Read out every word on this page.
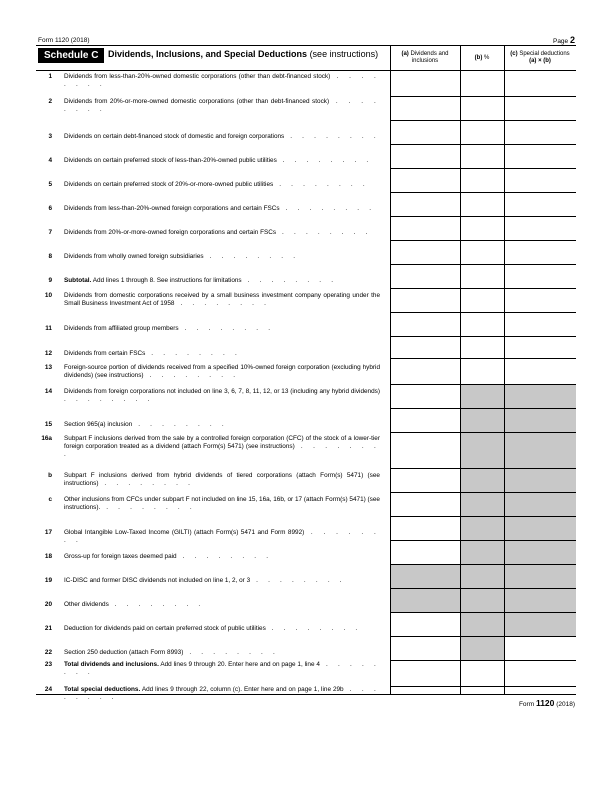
Form 1120 (2018)	Page 2
Schedule C	Dividends, Inclusions, and Special Deductions (see instructions)	(a) Dividends and inclusions	(b) %
(c) Special deductions
(a) × (b)
1 Dividends from less-than-20%-owned domestic corporations (other than debt-financed stock) . . . . . . . .
2 Dividends from 20%-or-more-owned domestic corporations (other than debt-financed stock) . . . . . . . .
3 Dividends on certain debt-financed stock of domestic and foreign corporations . . . . . . . .
4 Dividends on certain preferred stock of less-than-20%-owned public utilities . . . . . . . .
5 Dividends on certain preferred stock of 20%-or-more-owned public utilities . . . . . . . .
6 Dividends from less-than-20%-owned foreign corporations and certain FSCs . . . . . . . .
7 Dividends from 20%-or-more-owned foreign corporations and certain FSCs . . . . . . . .
8 Dividends from wholly owned foreign subsidiaries . . . . . . . .
9 Subtotal. Add lines 1 through 8. See instructions for limitations . . . . . . . .
10 Dividends from domestic corporations received by a small business investment company operating under the Small Business Investment Act of 1958 . . . . . . . .
11 Dividends from affiliated group members . . . . . . . .
12 Dividends from certain FSCs . . . . . . . .
13 Foreign-source portion of dividends received from a specified 10%-owned foreign corporation (excluding hybrid dividends) (see instructions) . . . . . . . .
14 Dividends from foreign corporations not included on line 3, 6, 7, 8, 11, 12, or 13 (including any hybrid dividends) . . . . . . . .
15 Section 965(a) inclusion . . . . . . . .
16a Subpart F inclusions derived from the sale by a controlled foreign corporation (CFC) of the stock of a lower-tier foreign corporation treated as a dividend (attach Form(s) 5471) (see instructions) . . . . . . . .
b Subpart F inclusions derived from hybrid dividends of tiered corporations (attach Form(s) 5471) (see instructions) . . . . . . . .
c Other inclusions from CFCs under subpart F not included on line 15, 16a, 16b, or 17 (attach Form(s) 5471) (see instructions). . . . . . . . .
17 Global Intangible Low-Taxed Income (GILTI) (attach Form(s) 5471 and Form 8992) . . . . . . . .
18 Gross-up for foreign taxes deemed paid . . . . . . . .
19 IC-DISC and former DISC dividends not included on line 1, 2, or 3 . . . . . . . .
20 Other dividends . . . . . . . .
21 Deduction for dividends paid on certain preferred stock of public utilities . . . . . . . .
22 Section 250 deduction (attach Form 8993) . . . . . . . .
23 Total dividends and inclusions. Add lines 9 through 20. Enter here and on page 1, line 4 . . . . . . . .
24 Total special deductions. Add lines 9 through 22, column (c). Enter here and on page 1, line 29b . . . . . . . .
Form 1120 (2018)
